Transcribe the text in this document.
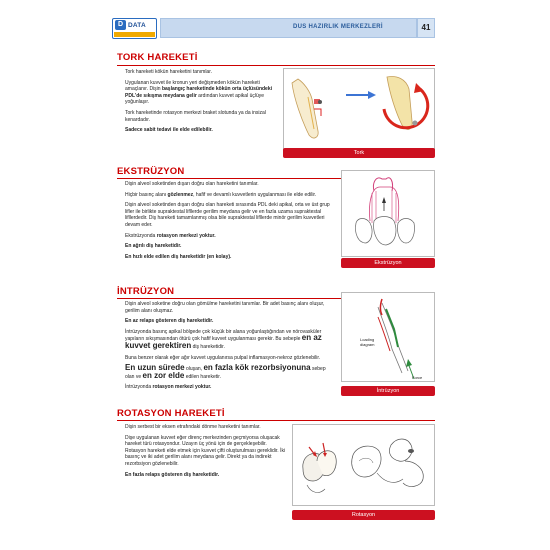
D DATA	DUS HAZIRLIK MERKEZLERİ	41
TORK HAREKETİ

Tork hareketi kökün hareketini tanımlar.

Uygulanan kuvvet ile kronun yeri değişmeden kökün hareketi amaçlanır. Dişin başlangıç hareketinde kökün orta üçlüsündeki PDL'de sıkışma meydana gelir ardından kuvvet apikal üçlüye yoğunlaşır.

Tork hareketinde rotasyon merkezi braket slotunda ya da insizal kenardadır.

Sadece sabit tedavi ile elde edilebilir.

Tork
EKSTRÜZYON

Dişin alveol soketinden dışarı doğru olan hareketini tanımlar.

Hiçbir basınç alanı gözlenmez, hafif ve devamlı kuvvetlerin uygulanması ile elde edilir.

Dişin alveol soketinden dışarı doğru olan hareketi sırasında PDL deki apikal, orta ve üst grup lifler ile birlikte supraktestal lifllerde gerilim meydana gelir ve en fazla uzama supraktestal lifllerdedir. Diş hareketi tamamlanmış olsa bile supraktestal lifllerde minör gerilim kuvvetleri devam eder.

Ekstrüzyonda rotasyon merkezi yoktur.

En ağrılı diş hareketidir.

En hızlı elde edilen diş hareketidir (en kolay).

Ekstrüzyon
İNTRÜZYON

Dişin alveol soketine doğru olan gömülme hareketini tanımlar. Bir adet basınç alanı oluşur, gerilim alanı oluşmaz.

En az relaps gösteren diş hareketidir.

İntrüzyonda basınç apikal bölgede çok küçük bir alana yoğunlaştığından ve nörovasküler yapıların sıkışmasından ötürü çok hafif kuvvet uygulanması gerekir. Bu sebeple en az kuvvet gerektiren diş hareketidir.

Buna benzer olarak eğer ağır kuvvet uygulanırsa pulpal inflamasyon-nekroz gözlenebilir.

En uzun sürede oluşan, en fazla kök rezorbsiyonuna sebep olan ve en zor elde edilen hareketir.

İntrüzyonda rotasyon merkezi yoktur.

Loading
diagram
Force
İntrüzyon
ROTASYON HAREKETİ

Dişin serbest bir eksen etrafındaki dönme hareketini tanımlar.

Dişe uygulanan kuvvet eğer direnç merkezinden geçmiyorsa oluşacak hareket türü rotasyondur. Uzayın üç yönü için de gerçekleşebilir. Rotasyon hareketi elde etmek için kuvvet çifti oluşturulması gereklidir. İki basınç ve iki adet gerilim alanı meydana gelir. Direkt ya da indirekt rezorbsiyon gözlenebilir.

En fazla relaps gösteren diş hareketidir.

Rotasyon
